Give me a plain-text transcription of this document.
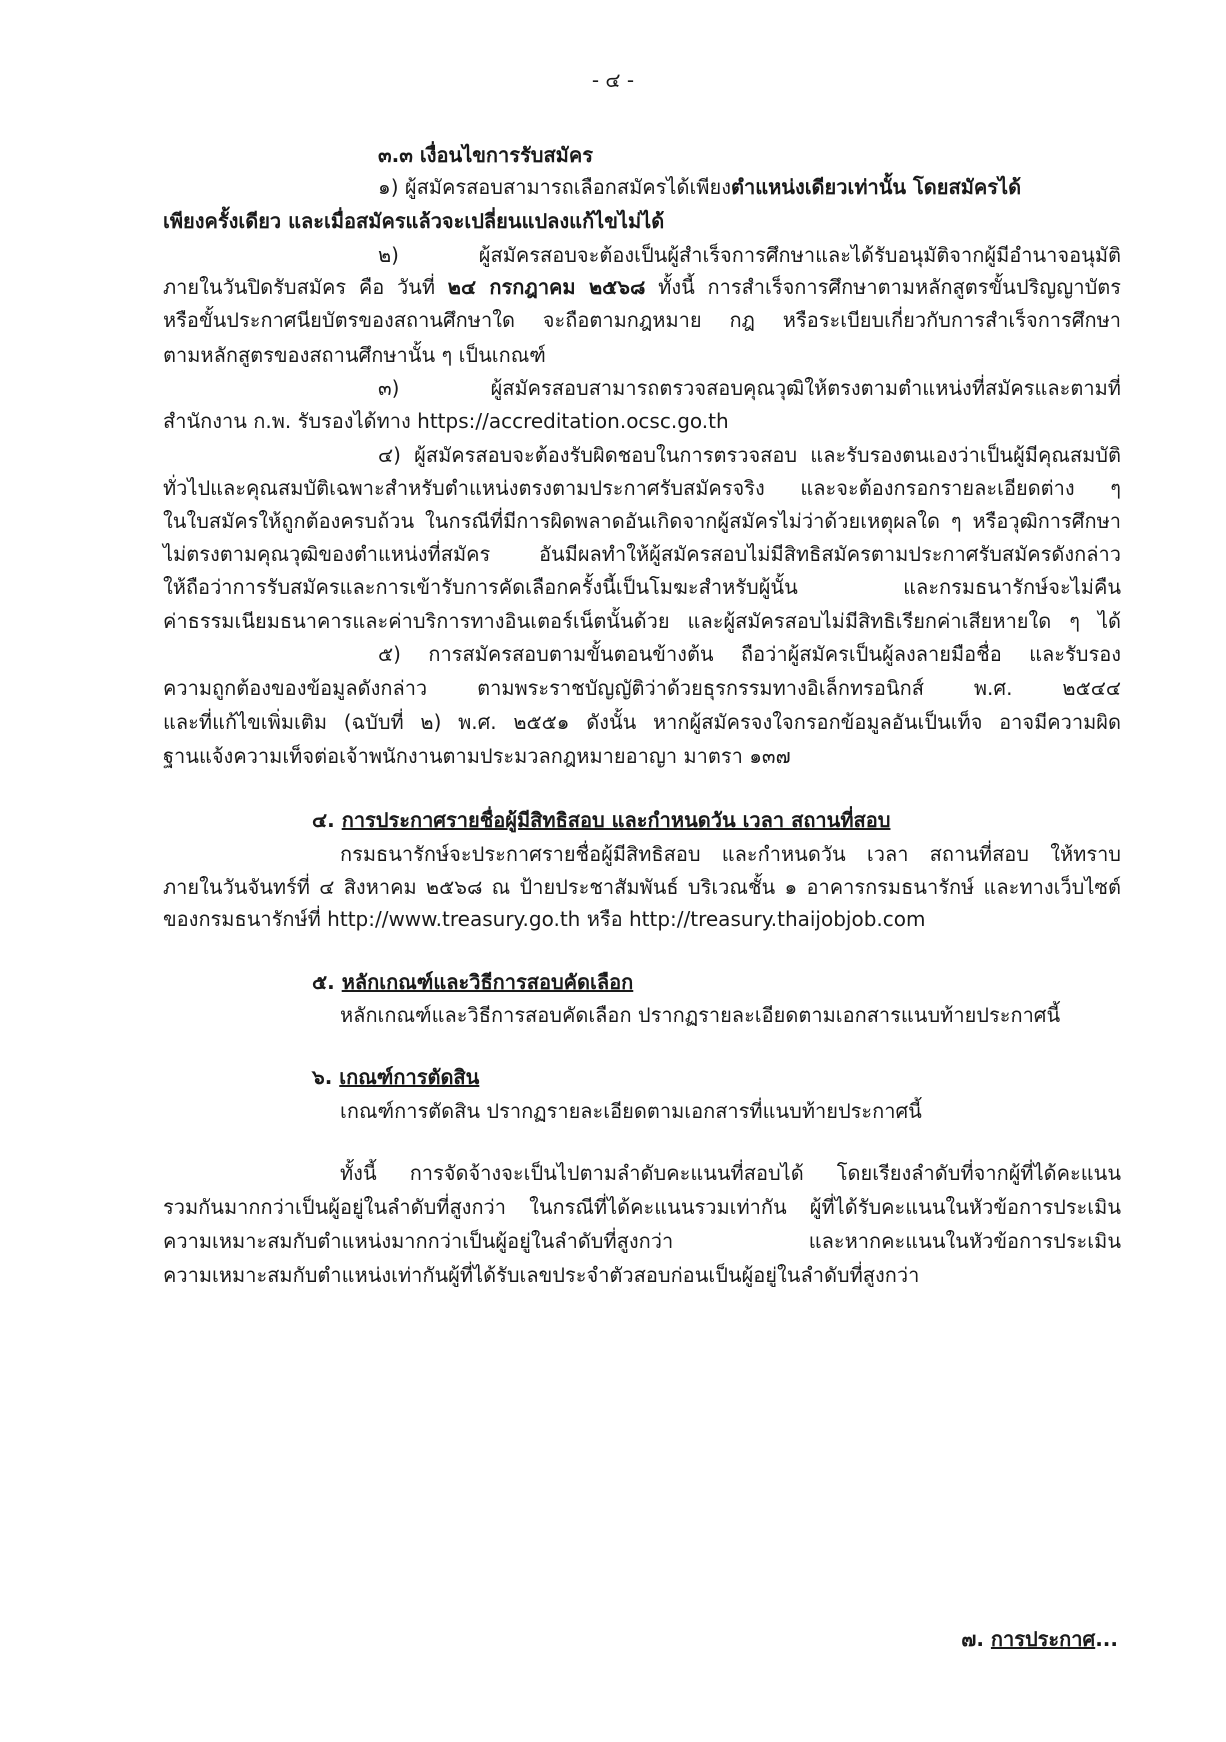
- ๔ -
๓.๓ เงื่อนไขการรับสมัคร
๑) ผู้สมัครสอบสามารถเลือกสมัครได้เพียงตำแหน่งเดียวเท่านั้น โดยสมัครได้
เพียงครั้งเดียว และเมื่อสมัครแล้วจะเปลี่ยนแปลงแก้ไขไม่ได้
๒) ผู้สมัครสอบจะต้องเป็นผู้สำเร็จการศึกษาและได้รับอนุมัติจากผู้มีอำนาจอนุมัติ
ภายในวันปิดรับสมัคร คือ วันที่ ๒๔ กรกฎาคม ๒๕๖๘ ทั้งนี้ การสำเร็จการศึกษาตามหลักสูตรขั้นปริญญาบัตร
หรือขั้นประกาศนียบัตรของสถานศึกษาใด จะถือตามกฎหมาย กฎ หรือระเบียบเกี่ยวกับการสำเร็จการศึกษา
ตามหลักสูตรของสถานศึกษานั้น ๆ เป็นเกณฑ์
๓) ผู้สมัครสอบสามารถตรวจสอบคุณวุฒิให้ตรงตามตำแหน่งที่สมัครและตามที่
สำนักงาน ก.พ. รับรองได้ทาง https://accreditation.ocsc.go.th
๔) ผู้สมัครสอบจะต้องรับผิดชอบในการตรวจสอบ และรับรองตนเองว่าเป็นผู้มีคุณสมบัติ
ทั่วไปและคุณสมบัติเฉพาะสำหรับตำแหน่งตรงตามประกาศรับสมัครจริง และจะต้องกรอกรายละเอียดต่าง ๆ
ในใบสมัครให้ถูกต้องครบถ้วน ในกรณีที่มีการผิดพลาดอันเกิดจากผู้สมัครไม่ว่าด้วยเหตุผลใด ๆ หรือวุฒิการศึกษา
ไม่ตรงตามคุณวุฒิของตำแหน่งที่สมัคร อันมีผลทำให้ผู้สมัครสอบไม่มีสิทธิสมัครตามประกาศรับสมัครดังกล่าว
ให้ถือว่าการรับสมัครและการเข้ารับการคัดเลือกครั้งนี้เป็นโมฆะสำหรับผู้นั้น และกรมธนารักษ์จะไม่คืน
ค่าธรรมเนียมธนาคารและค่าบริการทางอินเตอร์เน็ตนั้นด้วย และผู้สมัครสอบไม่มีสิทธิเรียกค่าเสียหายใด ๆ ได้
๕) การสมัครสอบตามขั้นตอนข้างต้น ถือว่าผู้สมัครเป็นผู้ลงลายมือชื่อ และรับรอง
ความถูกต้องของข้อมูลดังกล่าว ตามพระราชบัญญัติว่าด้วยธุรกรรมทางอิเล็กทรอนิกส์ พ.ศ. ๒๕๔๔
และที่แก้ไขเพิ่มเติม (ฉบับที่ ๒) พ.ศ. ๒๕๕๑ ดังนั้น หากผู้สมัครจงใจกรอกข้อมูลอันเป็นเท็จ อาจมีความผิด
ฐานแจ้งความเท็จต่อเจ้าพนักงานตามประมวลกฎหมายอาญา มาตรา ๑๓๗
๔. การประกาศรายชื่อผู้มีสิทธิสอบ และกำหนดวัน เวลา สถานที่สอบ
กรมธนารักษ์จะประกาศรายชื่อผู้มีสิทธิสอบ และกำหนดวัน เวลา สถานที่สอบ ให้ทราบ
ภายในวันจันทร์ที่ ๔ สิงหาคม ๒๕๖๘ ณ ป้ายประชาสัมพันธ์ บริเวณชั้น ๑ อาคารกรมธนารักษ์ และทางเว็บไซต์
ของกรมธนารักษ์ที่ http://www.treasury.go.th หรือ http://treasury.thaijobjob.com
๕. หลักเกณฑ์และวิธีการสอบคัดเลือก
หลักเกณฑ์และวิธีการสอบคัดเลือก ปรากฏรายละเอียดตามเอกสารแนบท้ายประกาศนี้
๖. เกณฑ์การตัดสิน
เกณฑ์การตัดสิน ปรากฏรายละเอียดตามเอกสารที่แนบท้ายประกาศนี้
ทั้งนี้ การจัดจ้างจะเป็นไปตามลำดับคะแนนที่สอบได้ โดยเรียงลำดับที่จากผู้ที่ได้คะแนน
รวมกันมากกว่าเป็นผู้อยู่ในลำดับที่สูงกว่า ในกรณีที่ได้คะแนนรวมเท่ากัน ผู้ที่ได้รับคะแนนในหัวข้อการประเมิน
ความเหมาะสมกับตำแหน่งมากกว่าเป็นผู้อยู่ในลำดับที่สูงกว่า และหากคะแนนในหัวข้อการประเมิน
ความเหมาะสมกับตำแหน่งเท่ากันผู้ที่ได้รับเลขประจำตัวสอบก่อนเป็นผู้อยู่ในลำดับที่สูงกว่า
๗. การประกาศ...
